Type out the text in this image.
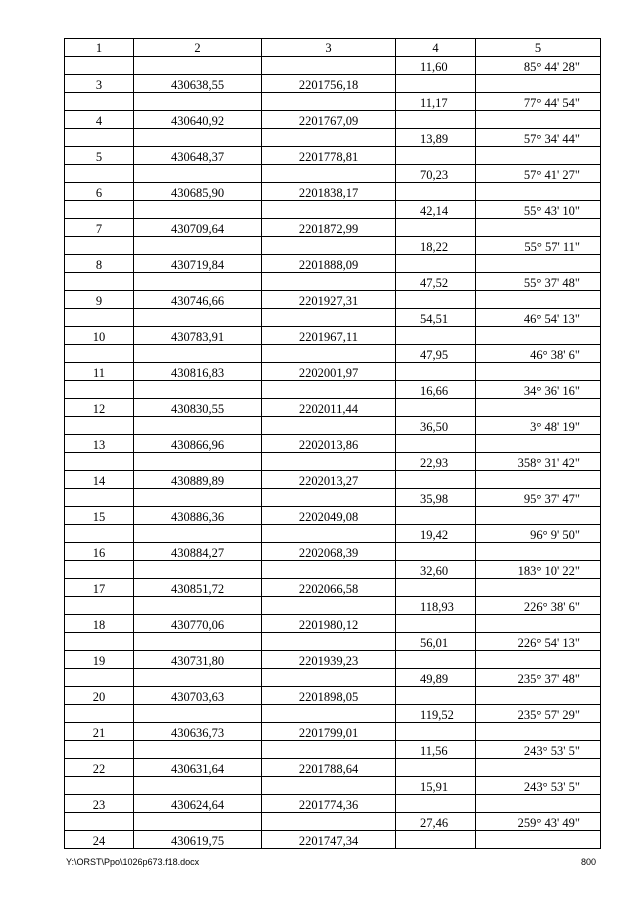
1	2	3	4	5
			11,60	85° 44' 28"
3	430638,55	2201756,18		
			11,17	77° 44' 54"
4	430640,92	2201767,09		
			13,89	57° 34' 44"
5	430648,37	2201778,81		
			70,23	57° 41' 27"
6	430685,90	2201838,17		
			42,14	55° 43' 10"
7	430709,64	2201872,99		
			18,22	55° 57' 11"
8	430719,84	2201888,09		
			47,52	55° 37' 48"
9	430746,66	2201927,31		
			54,51	46° 54' 13"
10	430783,91	2201967,11		
			47,95	46° 38' 6"
11	430816,83	2202001,97		
			16,66	34° 36' 16"
12	430830,55	2202011,44		
			36,50	3° 48' 19"
13	430866,96	2202013,86		
			22,93	358° 31' 42"
14	430889,89	2202013,27		
			35,98	95° 37' 47"
15	430886,36	2202049,08		
			19,42	96° 9' 50"
16	430884,27	2202068,39		
			32,60	183° 10' 22"
17	430851,72	2202066,58		
			118,93	226° 38' 6"
18	430770,06	2201980,12		
			56,01	226° 54' 13"
19	430731,80	2201939,23		
			49,89	235° 37' 48"
20	430703,63	2201898,05		
			119,52	235° 57' 29"
21	430636,73	2201799,01		
			11,56	243° 53' 5"
22	430631,64	2201788,64		
			15,91	243° 53' 5"
23	430624,64	2201774,36		
			27,46	259° 43' 49"
24	430619,75	2201747,34		
Y:\ORST\Ppo\1026p673.f18.docx	800
